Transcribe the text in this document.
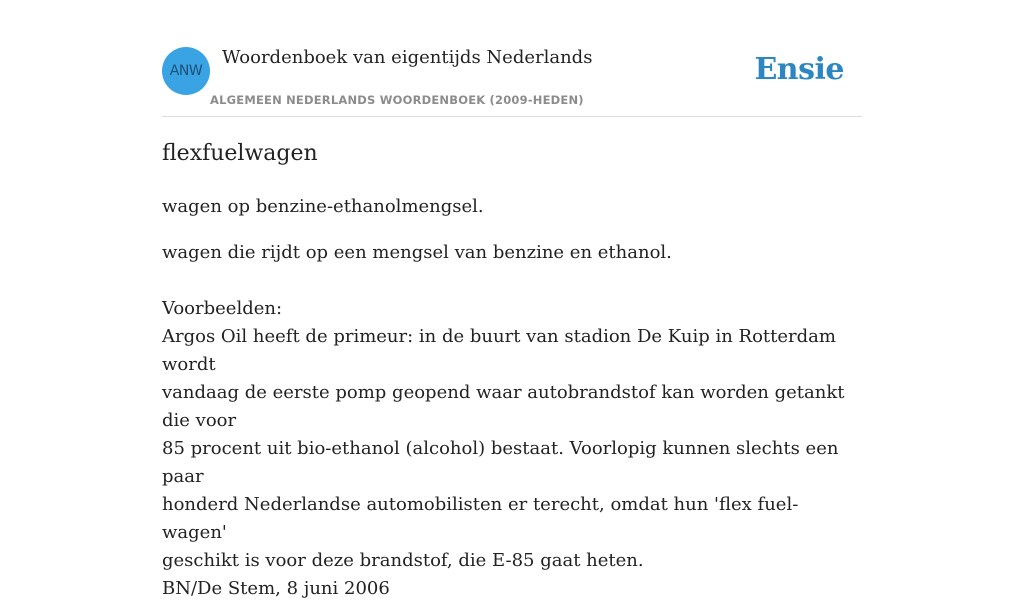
ANW
Woordenboek van eigentijds Nederlands
ALGEMEEN NEDERLANDS WOORDENBOEK (2009-HEDEN)
Ensie
flexfuelwagen

wagen op benzine-ethanolmengsel.

wagen die rijdt op een mengsel van benzine en ethanol.

Voorbeelden:
Argos Oil heeft de primeur: in de buurt van stadion De Kuip in Rotterdam wordt
vandaag de eerste pomp geopend waar autobrandstof kan worden getankt die voor
85 procent uit bio-ethanol (alcohol) bestaat. Voorlopig kunnen slechts een paar
honderd Nederlandse automobilisten er terecht, omdat hun 'flex fuel-wagen'
geschikt is voor deze brandstof, die E-85 gaat heten.
BN/De Stem, 8 juni 2006
